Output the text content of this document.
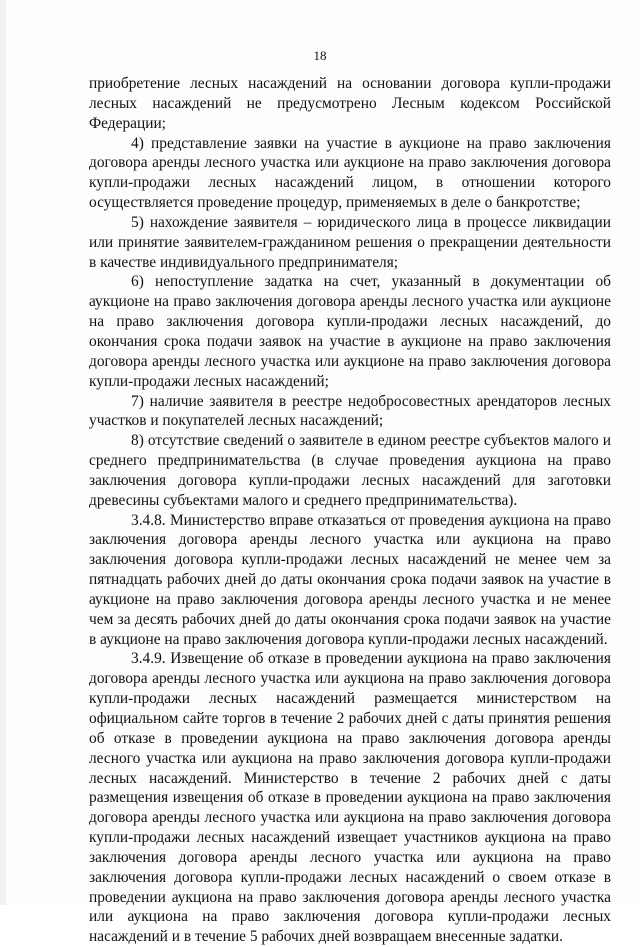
18

приобретение лесных насаждений на основании договора купли-продажи лесных насаждений не предусмотрено Лесным кодексом Российской Федерации;

4) представление заявки на участие в аукционе на право заключения договора аренды лесного участка или аукционе на право заключения договора купли-продажи лесных насаждений лицом, в отношении которого осуществляется проведение процедур, применяемых в деле о банкротстве;

5) нахождение заявителя – юридического лица в процессе ликвидации или принятие заявителем-гражданином решения о прекращении деятельности в качестве индивидуального предпринимателя;

6) непоступление задатка на счет, указанный в документации об аукционе на право заключения договора аренды лесного участка или аукционе на право заключения договора купли-продажи лесных насаждений, до окончания срока подачи заявок на участие в аукционе на право заключения договора аренды лесного участка или аукционе на право заключения договора купли-продажи лесных насаждений;

7) наличие заявителя в реестре недобросовестных арендаторов лесных участков и покупателей лесных насаждений;

8) отсутствие сведений о заявителе в едином реестре субъектов малого и среднего предпринимательства (в случае проведения аукциона на право заключения договора купли-продажи лесных насаждений для заготовки древесины субъектами малого и среднего предпринимательства).

3.4.8. Министерство вправе отказаться от проведения аукциона на право заключения договора аренды лесного участка или аукциона на право заключения договора купли-продажи лесных насаждений не менее чем за пятнадцать рабочих дней до даты окончания срока подачи заявок на участие в аукционе на право заключения договора аренды лесного участка и не менее чем за десять рабочих дней до даты окончания срока подачи заявок на участие в аукционе на право заключения договора купли-продажи лесных насаждений.

3.4.9. Извещение об отказе в проведении аукциона на право заключения договора аренды лесного участка или аукциона на право заключения договора купли-продажи лесных насаждений размещается министерством на официальном сайте торгов в течение 2 рабочих дней с даты принятия решения об отказе в проведении аукциона на право заключения договора аренды лесного участка или аукциона на право заключения договора купли-продажи лесных насаждений. Министерство в течение 2 рабочих дней с даты размещения извещения об отказе в проведении аукциона на право заключения договора аренды лесного участка или аукциона на право заключения договора купли-продажи лесных насаждений извещает участников аукциона на право заключения договора аренды лесного участка или аукциона на право заключения договора купли-продажи лесных насаждений о своем отказе в проведении аукциона на право заключения договора аренды лесного участка или аукциона на право заключения договора купли-продажи лесных насаждений и в течение 5 рабочих дней возвращаем внесенные задатки.
